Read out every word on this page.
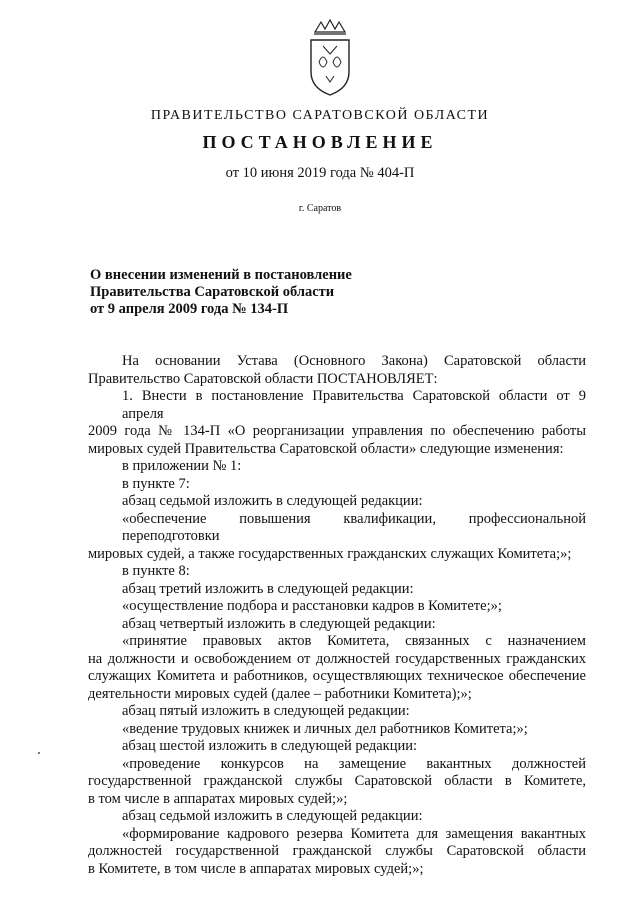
ПРАВИТЕЛЬСТВО САРАТОВСКОЙ ОБЛАСТИ
ПОСТАНОВЛЕНИЕ
от 10 июня 2019 года № 404-П
г. Саратов
О внесении изменений в постановление
Правительства Саратовской области
от 9 апреля 2009 года № 134-П
На основании Устава (Основного Закона) Саратовской области
Правительство Саратовской области ПОСТАНОВЛЯЕТ:
1. Внести в постановление Правительства Саратовской области от 9 апреля
2009 года № 134-П «О реорганизации управления по обеспечению работы
мировых судей Правительства Саратовской области» следующие изменения:
в приложении № 1:
в пункте 7:
абзац седьмой изложить в следующей редакции:
«обеспечение повышения квалификации, профессиональной переподготовки
мировых судей, а также государственных гражданских служащих Комитета;»;
в пункте 8:
абзац третий изложить в следующей редакции:
«осуществление подбора и расстановки кадров в Комитете;»;
абзац четвертый изложить в следующей редакции:
«принятие правовых актов Комитета, связанных с назначением
на должности и освобождением от должностей государственных гражданских
служащих Комитета и работников, осуществляющих техническое обеспечение
деятельности мировых судей (далее – работники Комитета);»;
абзац пятый изложить в следующей редакции:
«ведение трудовых книжек и личных дел работников Комитета;»;
абзац шестой изложить в следующей редакции:
«проведение конкурсов на замещение вакантных должностей
государственной гражданской службы Саратовской области в Комитете,
в том числе в аппаратах мировых судей;»;
абзац седьмой изложить в следующей редакции:
«формирование кадрового резерва Комитета для замещения вакантных
должностей государственной гражданской службы Саратовской области
в Комитете, в том числе в аппаратах мировых судей;»;
